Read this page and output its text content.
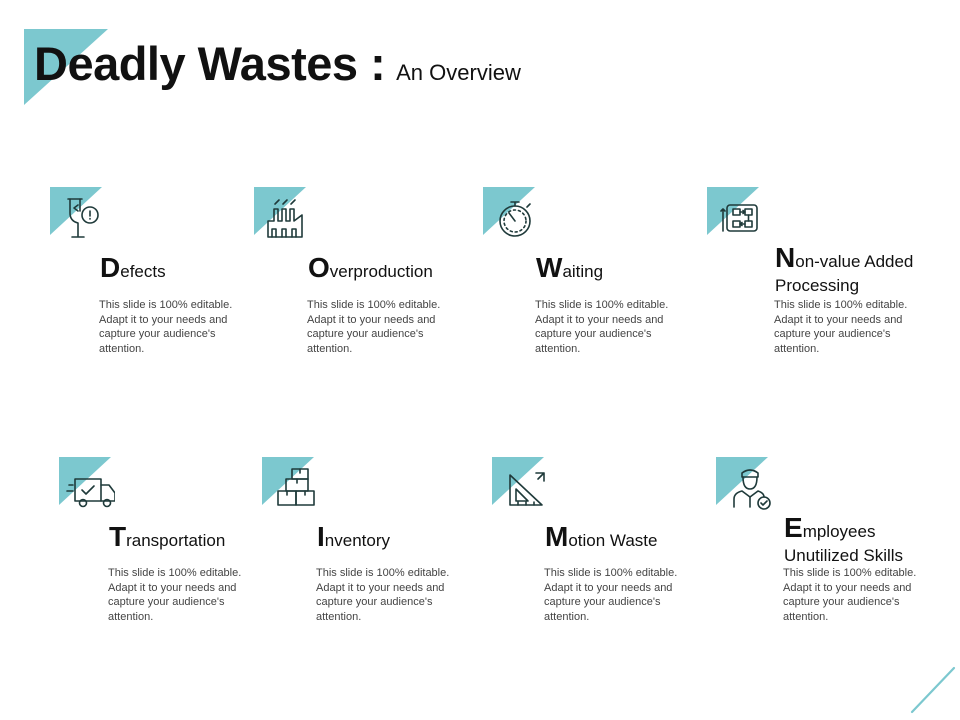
Deadly Wastes : An Overview
Defects

This slide is 100% editable. Adapt it to your needs and capture your audience's attention.

Overproduction

This slide is 100% editable. Adapt it to your needs and capture your audience's attention.

Waiting

This slide is 100% editable. Adapt it to your needs and capture your audience's attention.

Non-value Added
Processing

This slide is 100% editable. Adapt it to your needs and capture your audience's attention.

Transportation

This slide is 100% editable. Adapt it to your needs and capture your audience's attention.

Inventory

This slide is 100% editable. Adapt it to your needs and capture your audience's attention.

Motion Waste

This slide is 100% editable. Adapt it to your needs and capture your audience's attention.

Employees
Unutilized Skills

This slide is 100% editable. Adapt it to your needs and capture your audience's attention.
